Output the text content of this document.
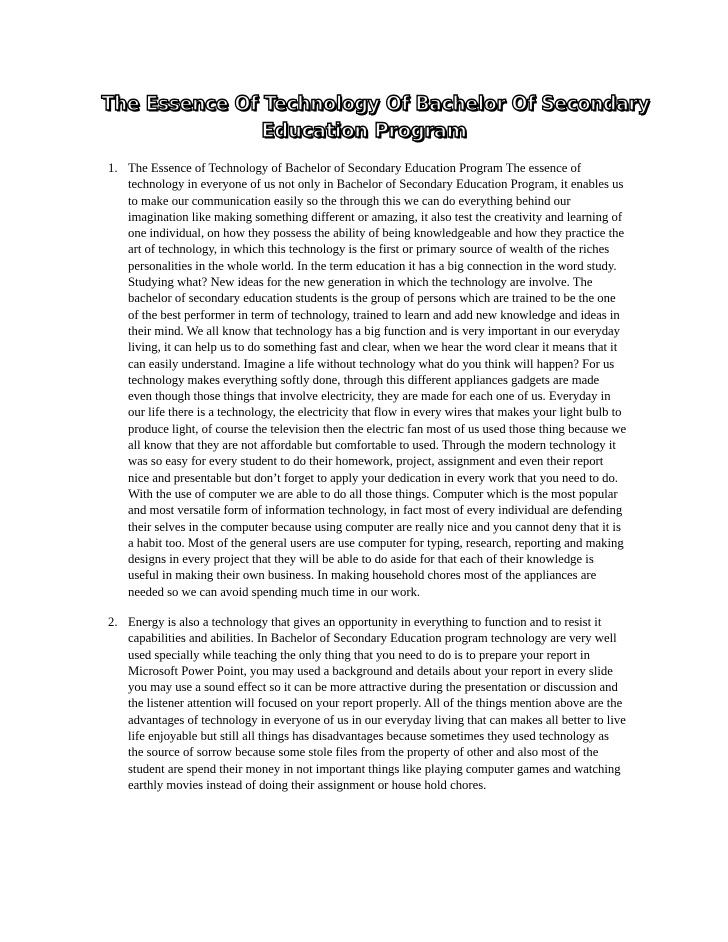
The Essence Of Technology Of Bachelor Of Secondary
Education Program
1. The Essence of Technology of Bachelor of Secondary Education Program The essence of
technology in everyone of us not only in Bachelor of Secondary Education Program, it enables us
to make our communication easily so the through this we can do everything behind our
imagination like making something different or amazing, it also test the creativity and learning of
one individual, on how they possess the ability of being knowledgeable and how they practice the
art of technology, in which this technology is the first or primary source of wealth of the riches
personalities in the whole world. In the term education it has a big connection in the word study.
Studying what? New ideas for the new generation in which the technology are involve. The
bachelor of secondary education students is the group of persons which are trained to be the one
of the best performer in term of technology, trained to learn and add new knowledge and ideas in
their mind. We all know that technology has a big function and is very important in our everyday
living, it can help us to do something fast and clear, when we hear the word clear it means that it
can easily understand. Imagine a life without technology what do you think will happen? For us
technology makes everything softly done, through this different appliances gadgets are made
even though those things that involve electricity, they are made for each one of us. Everyday in
our life there is a technology, the electricity that flow in every wires that makes your light bulb to
produce light, of course the television then the electric fan most of us used those thing because we
all know that they are not affordable but comfortable to used. Through the modern technology it
was so easy for every student to do their homework, project, assignment and even their report
nice and presentable but don’t forget to apply your dedication in every work that you need to do.
With the use of computer we are able to do all those things. Computer which is the most popular
and most versatile form of information technology, in fact most of every individual are defending
their selves in the computer because using computer are really nice and you cannot deny that it is
a habit too. Most of the general users are use computer for typing, research, reporting and making
designs in every project that they will be able to do aside for that each of their knowledge is
useful in making their own business. In making household chores most of the appliances are
needed so we can avoid spending much time in our work.
2. Energy is also a technology that gives an opportunity in everything to function and to resist it
capabilities and abilities. In Bachelor of Secondary Education program technology are very well
used specially while teaching the only thing that you need to do is to prepare your report in
Microsoft Power Point, you may used a background and details about your report in every slide
you may use a sound effect so it can be more attractive during the presentation or discussion and
the listener attention will focused on your report properly. All of the things mention above are the
advantages of technology in everyone of us in our everyday living that can makes all better to live
life enjoyable but still all things has disadvantages because sometimes they used technology as
the source of sorrow because some stole files from the property of other and also most of the
student are spend their money in not important things like playing computer games and watching
earthly movies instead of doing their assignment or house hold chores.
